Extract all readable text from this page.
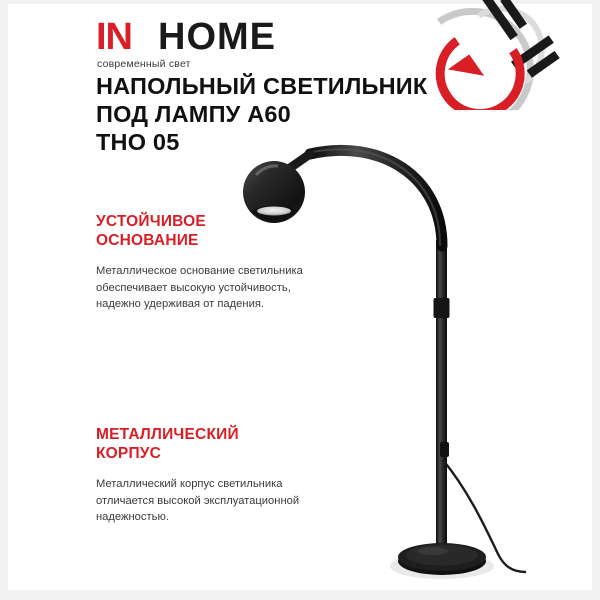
IN HOME
современный свет
НАПОЛЬНЫЙ СВЕТИЛЬНИК
ПОД ЛАМПУ A60
ТНО 05
УСТОЙЧИВОЕ
ОСНОВАНИЕ
Металлическое основание светильника
обеспечивает высокую устойчивость,
надежно удерживая от падения.
МЕТАЛЛИЧЕСКИЙ
КОРПУС
Металлический корпус светильника
отличается высокой эксплуатационной
надежностью.
